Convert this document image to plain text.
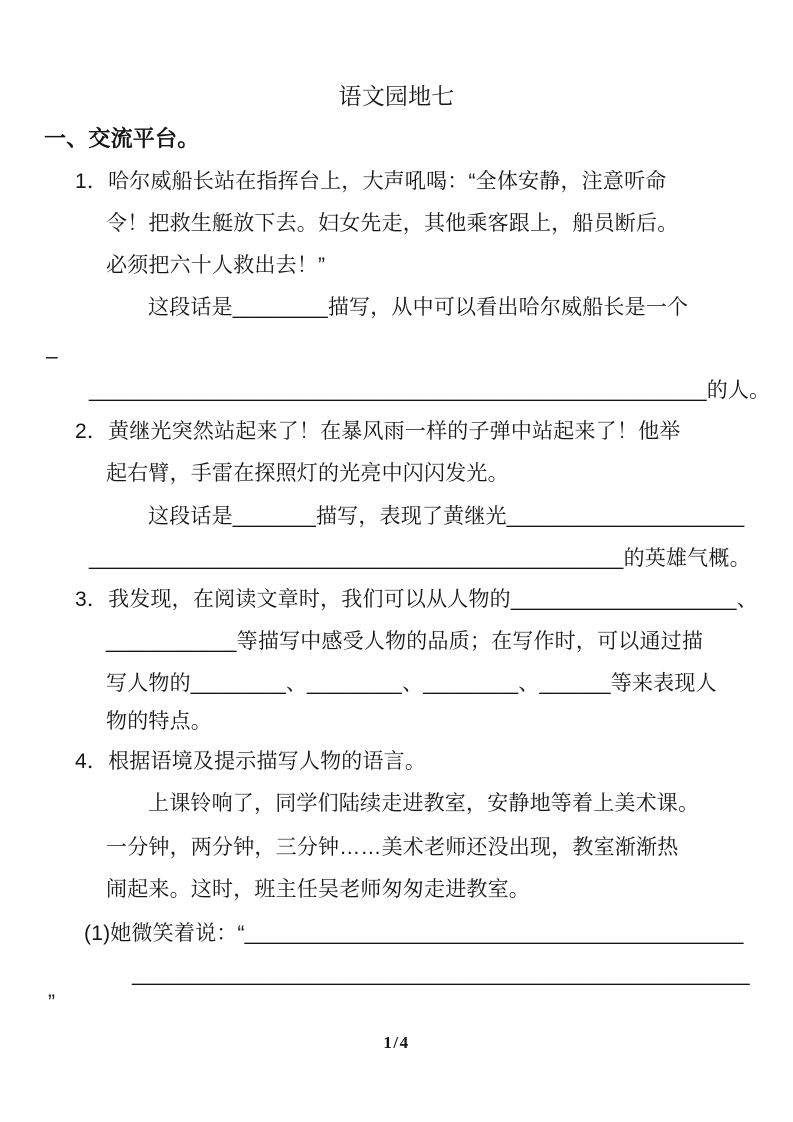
语文园地七
一、交流平台。
1．哈尔威船长站在指挥台上，大声吼喝：“全体安静，注意听命
令！把救生艇放下去。妇女先走，其他乘客跟上，船员断后。
必须把六十人救出去！”
这段话是________描写，从中可以看出哈尔威船长是一个
–
____________________________________________________的人。
2．黄继光突然站起来了！在暴风雨一样的子弹中站起来了！他举
起右臂，手雷在探照灯的光亮中闪闪发光。
这段话是_______描写，表现了黄继光____________________
_____________________________________________的英雄气概。
3．我发现，在阅读文章时，我们可以从人物的___________________、
___________等描写中感受人物的品质；在写作时，可以通过描
写人物的________、________、________、______等来表现人
物的特点。
4．根据语境及提示描写人物的语言。
上课铃响了，同学们陆续走进教室，安静地等着上美术课。
一分钟，两分钟，三分钟……美术老师还没出现，教室渐渐热
闹起来。这时，班主任吴老师匆匆走进教室。
(1)她微笑着说：“__________________________________________
____________________________________________________
”
1/4
